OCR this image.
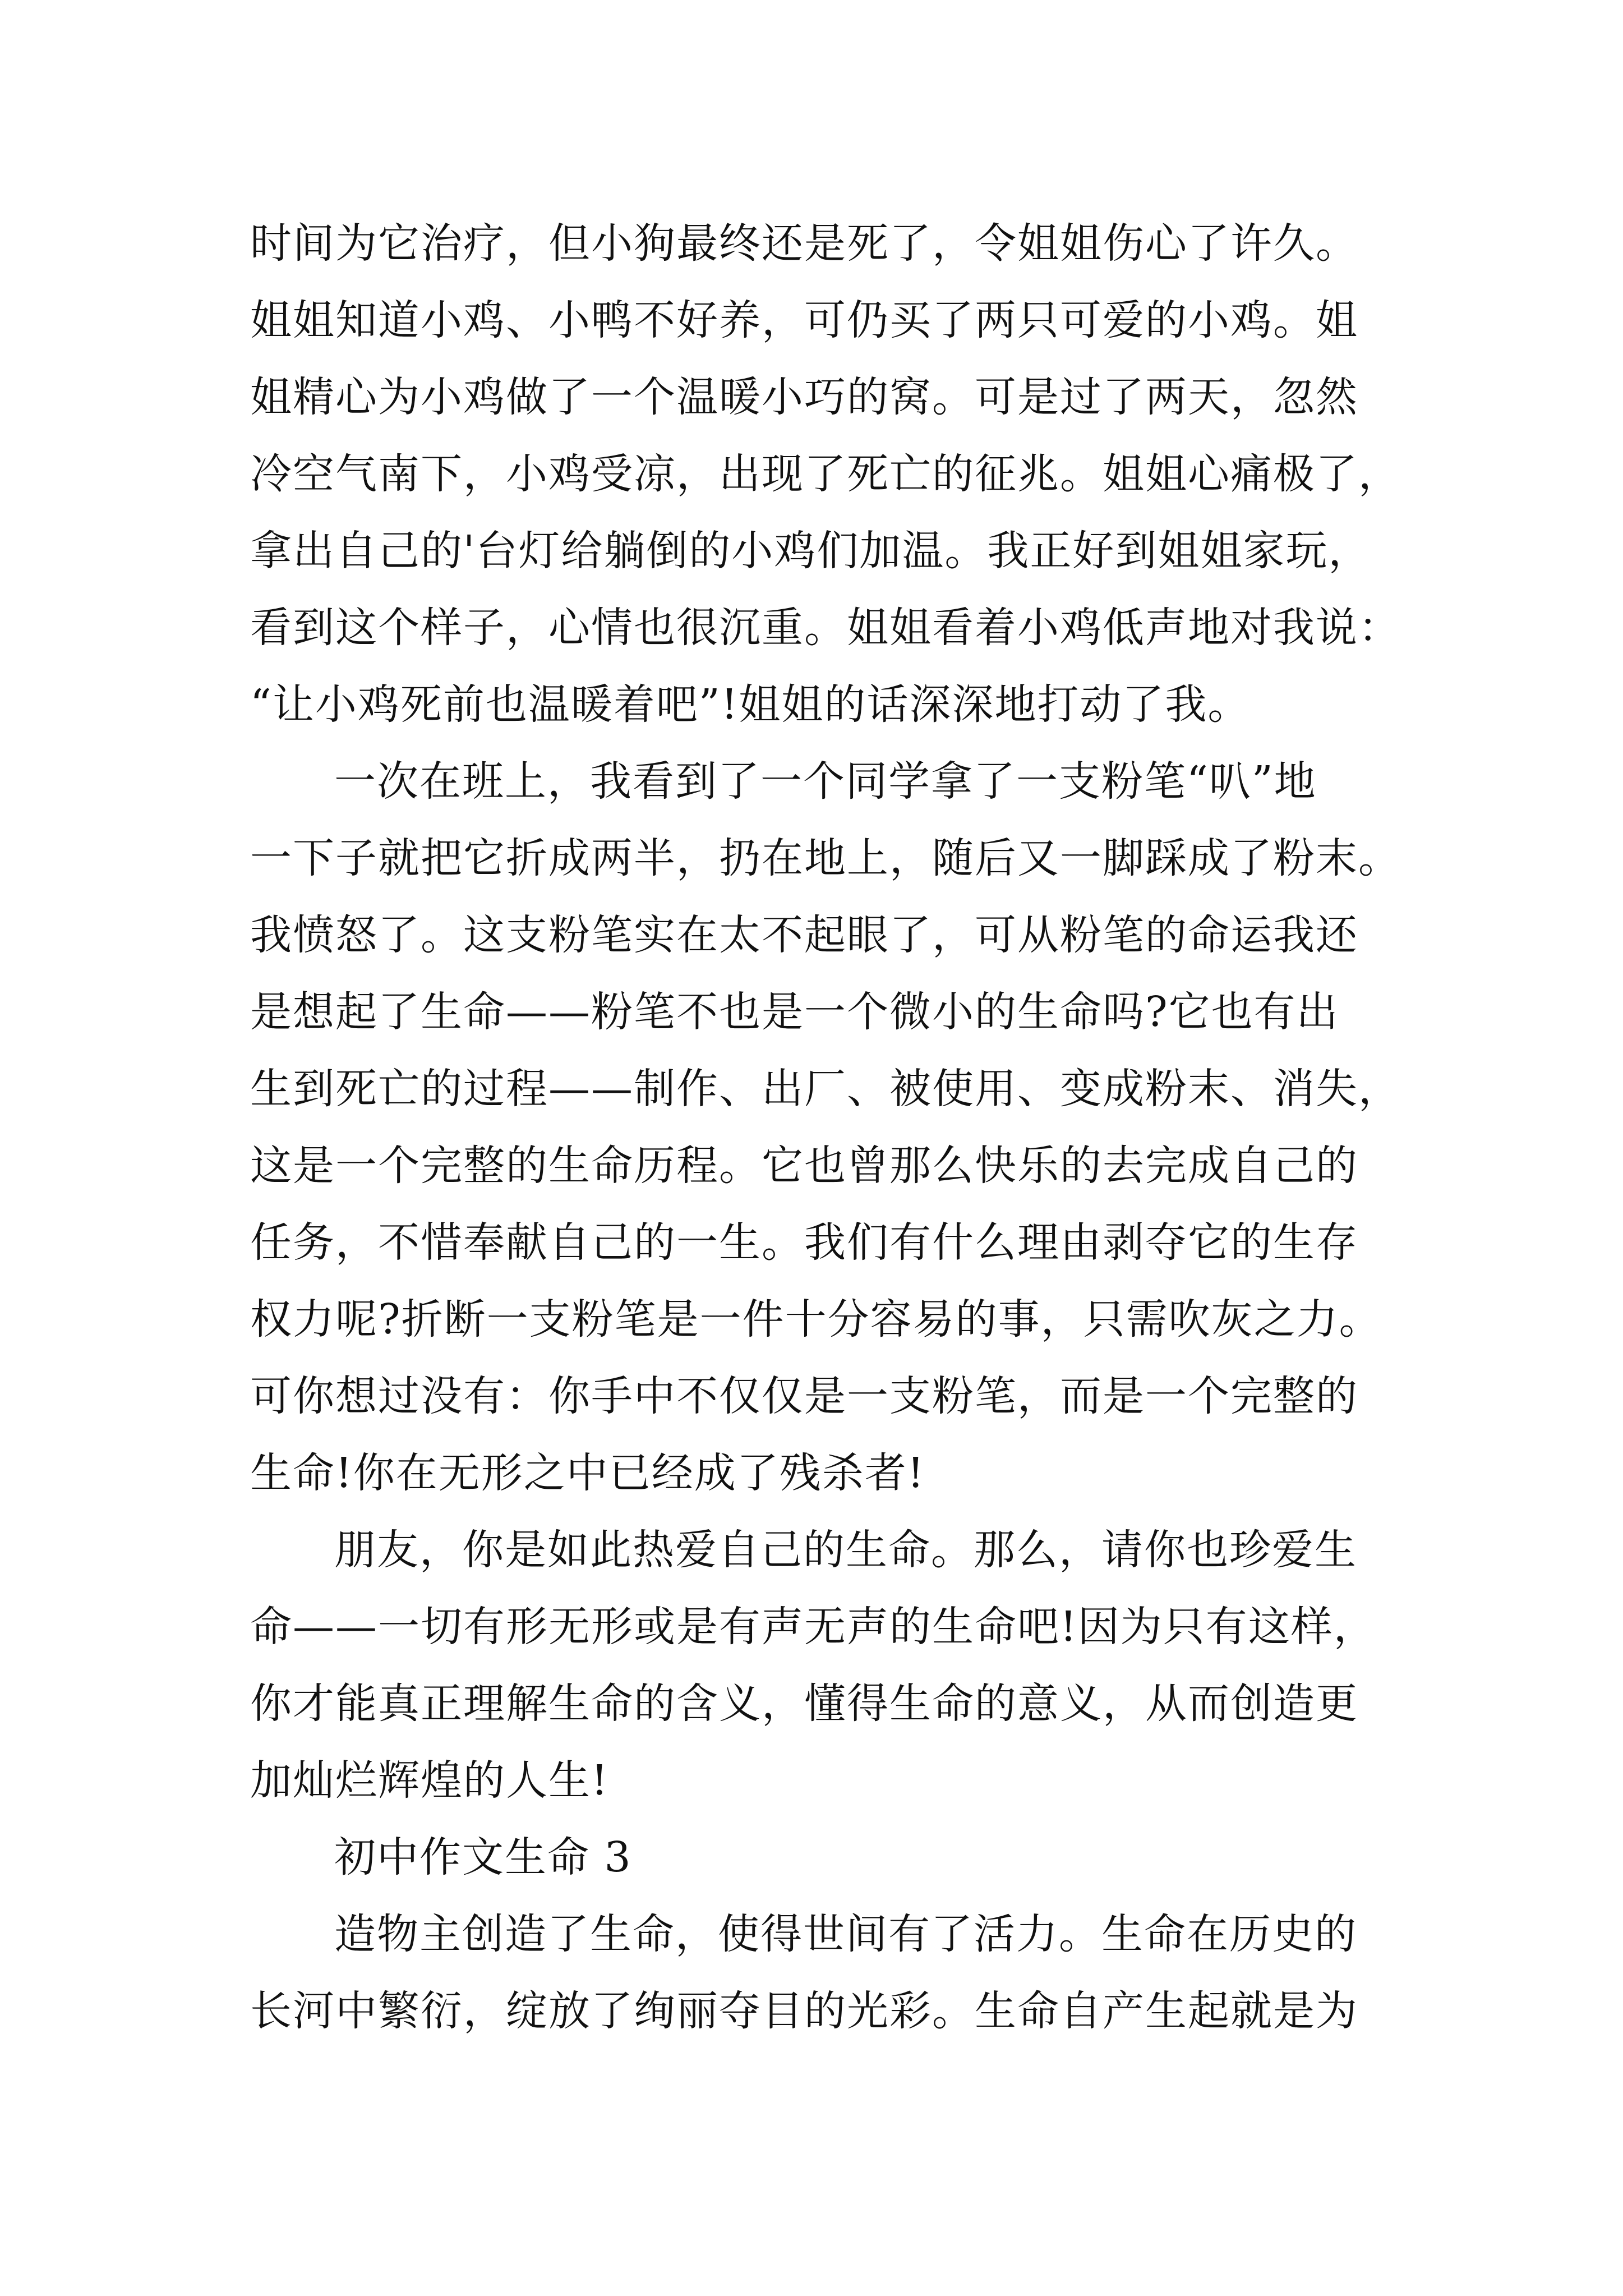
时间为它治疗，但小狗最终还是死了，令姐姐伤心了许久。

姐姐知道小鸡、小鸭不好养，可仍买了两只可爱的小鸡。姐

姐精心为小鸡做了一个温暖小巧的窝。可是过了两天，忽然

冷空气南下，小鸡受凉，出现了死亡的征兆。姐姐心痛极了，

拿出自己的'台灯给躺倒的小鸡们加温。我正好到姐姐家玩，

看到这个样子，心情也很沉重。姐姐看着小鸡低声地对我说：

“让小鸡死前也温暖着吧”!姐姐的话深深地打动了我。

一次在班上，我看到了一个同学拿了一支粉笔“叭”地

一下子就把它折成两半，扔在地上，随后又一脚踩成了粉末。

我愤怒了。这支粉笔实在太不起眼了，可从粉笔的命运我还

是想起了生命——粉笔不也是一个微小的生命吗?它也有出

生到死亡的过程——制作、出厂、被使用、变成粉末、消失，

这是一个完整的生命历程。它也曾那么快乐的去完成自己的

任务，不惜奉献自己的一生。我们有什么理由剥夺它的生存

权力呢?折断一支粉笔是一件十分容易的事，只需吹灰之力。

可你想过没有：你手中不仅仅是一支粉笔，而是一个完整的

生命!你在无形之中已经成了残杀者!

朋友，你是如此热爱自己的生命。那么，请你也珍爱生

命——一切有形无形或是有声无声的生命吧!因为只有这样，

你才能真正理解生命的含义，懂得生命的意义，从而创造更

加灿烂辉煌的人生!

初中作文生命 3

造物主创造了生命，使得世间有了活力。生命在历史的

长河中繁衍，绽放了绚丽夺目的光彩。生命自产生起就是为
